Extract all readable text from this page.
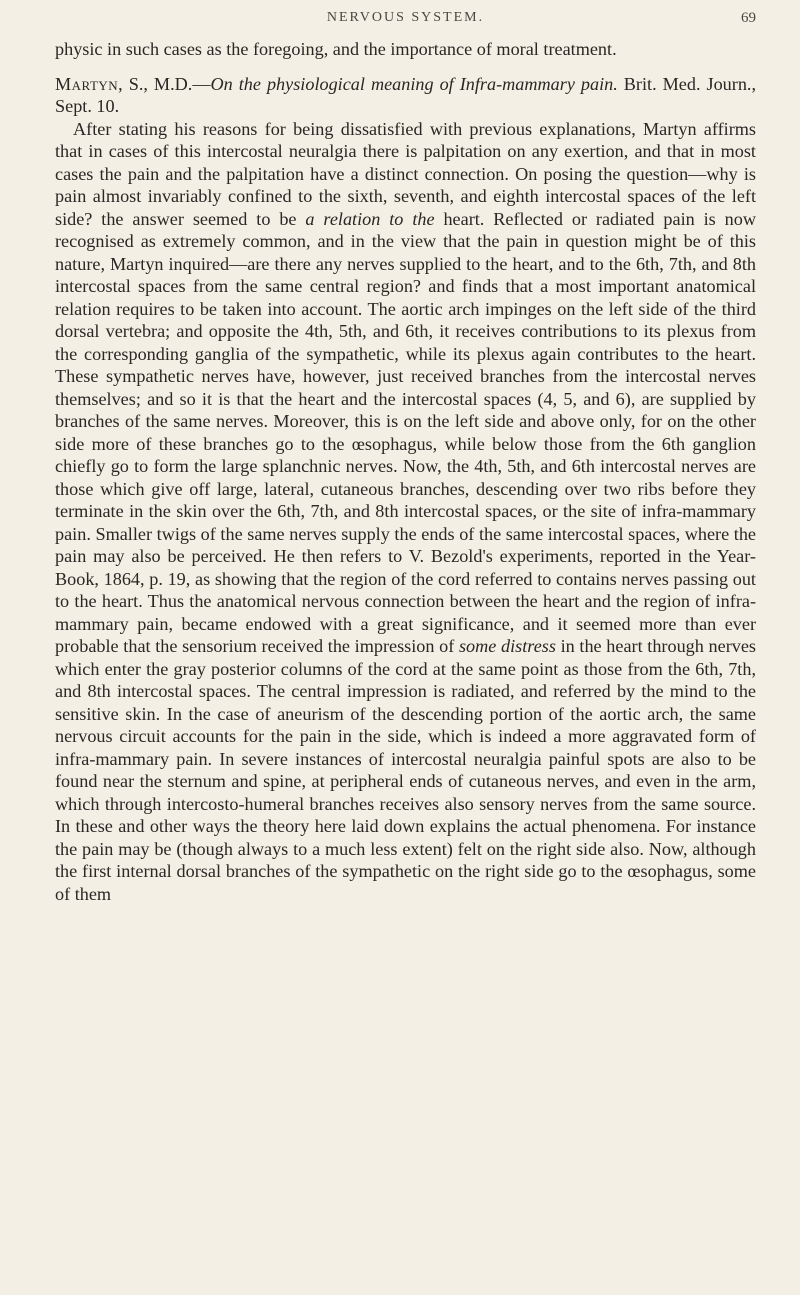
NERVOUS SYSTEM.	69

physic in such cases as the foregoing, and the importance of moral treatment.

Martyn, S., M.D.—On the physiological meaning of Infra-mammary pain. Brit. Med. Journ., Sept. 10.

After stating his reasons for being dissatisfied with previous explanations, Martyn affirms that in cases of this intercostal neuralgia there is palpitation on any exertion, and that in most cases the pain and the palpitation have a distinct connection. On posing the question—why is pain almost invariably confined to the sixth, seventh, and eighth intercostal spaces of the left side? the answer seemed to be a relation to the heart. Reflected or radiated pain is now recognised as extremely common, and in the view that the pain in question might be of this nature, Martyn inquired—are there any nerves supplied to the heart, and to the 6th, 7th, and 8th intercostal spaces from the same central region? and finds that a most important anatomical relation requires to be taken into account. The aortic arch impinges on the left side of the third dorsal vertebra; and opposite the 4th, 5th, and 6th, it receives contributions to its plexus from the corresponding ganglia of the sympathetic, while its plexus again contributes to the heart. These sympathetic nerves have, however, just received branches from the intercostal nerves themselves; and so it is that the heart and the intercostal spaces (4, 5, and 6), are supplied by branches of the same nerves. Moreover, this is on the left side and above only, for on the other side more of these branches go to the œsophagus, while below those from the 6th ganglion chiefly go to form the large splanchnic nerves. Now, the 4th, 5th, and 6th intercostal nerves are those which give off large, lateral, cutaneous branches, descending over two ribs before they terminate in the skin over the 6th, 7th, and 8th intercostal spaces, or the site of infra-mammary pain. Smaller twigs of the same nerves supply the ends of the same intercostal spaces, where the pain may also be perceived. He then refers to V. Bezold's experiments, reported in the Year-Book, 1864, p. 19, as showing that the region of the cord referred to contains nerves passing out to the heart. Thus the anatomical nervous connection between the heart and the region of infra-mammary pain, became endowed with a great significance, and it seemed more than ever probable that the sensorium received the impression of some distress in the heart through nerves which enter the gray posterior columns of the cord at the same point as those from the 6th, 7th, and 8th intercostal spaces. The central impression is radiated, and referred by the mind to the sensitive skin. In the case of aneurism of the descending portion of the aortic arch, the same nervous circuit accounts for the pain in the side, which is indeed a more aggravated form of infra-mammary pain. In severe instances of intercostal neuralgia painful spots are also to be found near the sternum and spine, at peripheral ends of cutaneous nerves, and even in the arm, which through intercosto-humeral branches receives also sensory nerves from the same source. In these and other ways the theory here laid down explains the actual phenomena. For instance the pain may be (though always to a much less extent) felt on the right side also. Now, although the first internal dorsal branches of the sympathetic on the right side go to the œsophagus, some of them
